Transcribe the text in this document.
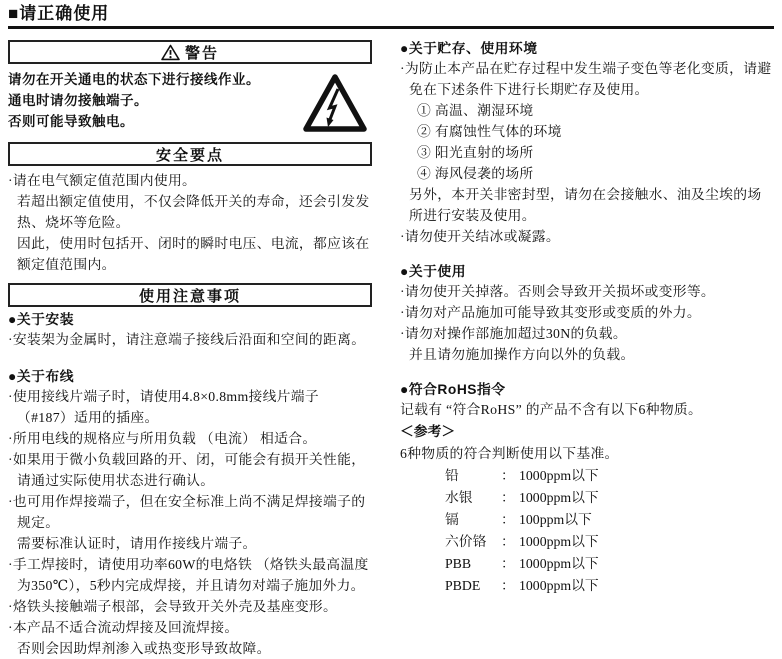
■请正确使用
警告
请勿在开关通电的状态下进行接线作业。
通电时请勿接触端子。
否则可能导致触电。
安全要点
·请在电气额定值范围内使用。
若超出额定值使用，不仅会降低开关的寿命，还会引发发热、烧坏等危险。
因此，使用时包括开、闭时的瞬时电压、电流，都应该在额定值范围内。
使用注意事项
●关于安装
·安装架为金属时，请注意端子接线后沿面和空间的距离。
●关于布线
·使用接线片端子时，请使用4.8×0.8mm接线片端子 （#187）适用的插座。
·所用电线的规格应与所用负载 （电流） 相适合。
·如果用于微小负载回路的开、闭，可能会有损开关性能，请通过实际使用状态进行确认。
·也可用作焊接端子，但在安全标准上尚不满足焊接端子的规定。
需要标准认证时，请用作接线片端子。
·手工焊接时，请使用功率60W的电烙铁 （烙铁头最高温度为350℃），5秒内完成焊接，并且请勿对端子施加外力。
·烙铁头接触端子根部，会导致开关外壳及基座变形。
·本产品不适合流动焊接及回流焊接。
否则会因助焊剂渗入或热变形导致故障。
●关于贮存、使用环境
·为防止本产品在贮存过程中发生端子变色等老化变质，请避免在下述条件下进行长期贮存及使用。
① 高温、潮湿环境
② 有腐蚀性气体的环境
③ 阳光直射的场所
④ 海风侵袭的场所
另外，本开关非密封型，请勿在会接触水、油及尘埃的场所进行安装及使用。
·请勿使开关结冰或凝露。
●关于使用
·请勿使开关掉落。否则会导致开关损坏或变形等。
·请勿对产品施加可能导致其变形或变质的外力。
·请勿对操作部施加超过30N的负载。
并且请勿施加操作方向以外的负载。
●符合RoHS指令
记载有 “符合RoHS” 的产品不含有以下6种物质。
＜参考＞
6种物质的符合判断使用以下基准。
铅	： 1000ppm以下
水银	： 1000ppm以下
镉	： 100ppm以下
六价铬	： 1000ppm以下
PBB	： 1000ppm以下
PBDE	： 1000ppm以下
